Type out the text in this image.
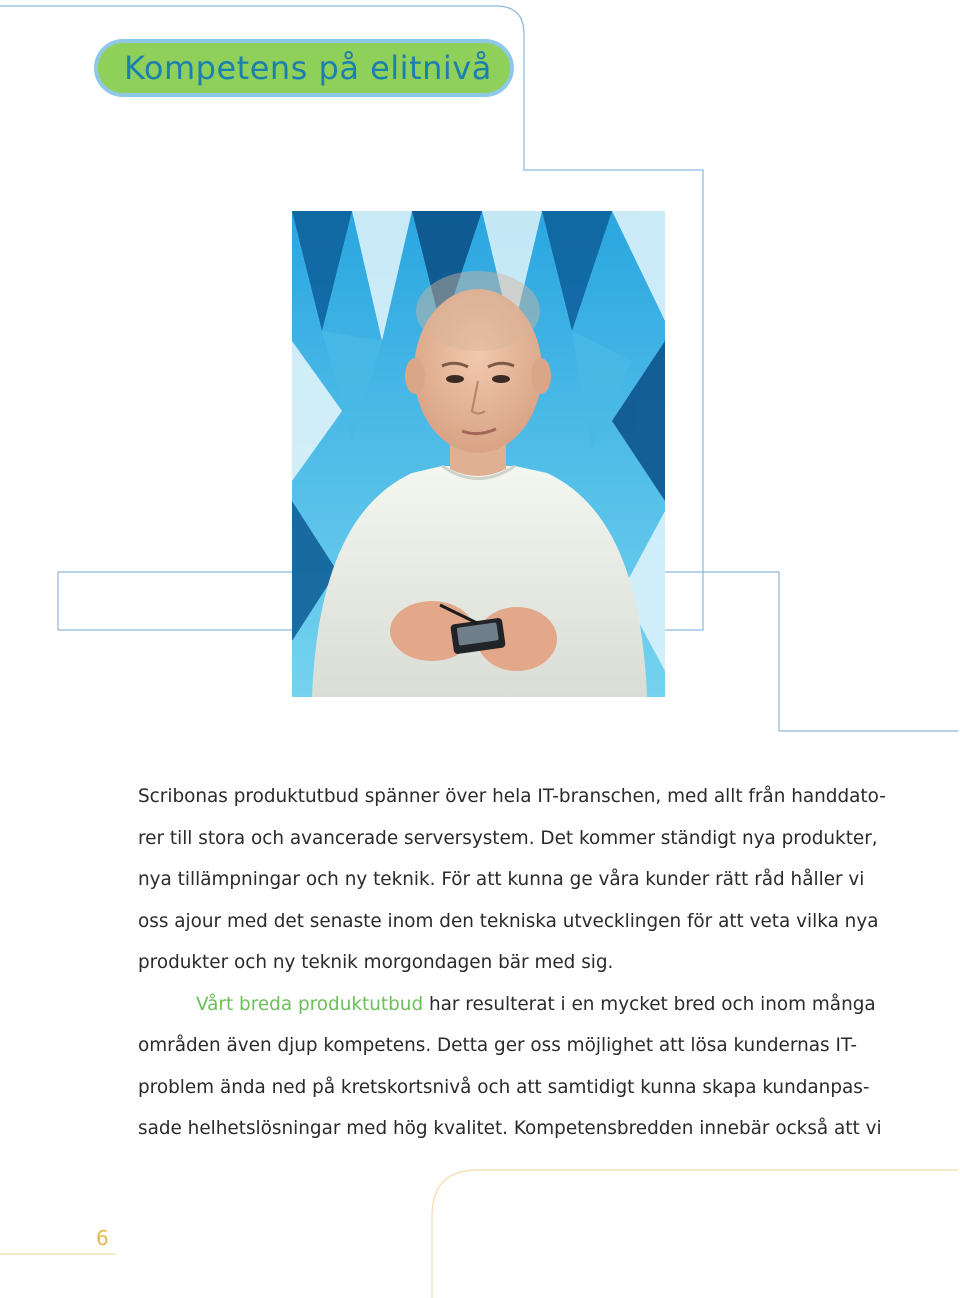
Kompetens på elitnivå
Scribonas produktutbud spänner över hela IT-branschen, med allt från handdato-
rer till stora och avancerade serversystem. Det kommer ständigt nya produkter,
nya tillämpningar och ny teknik. För att kunna ge våra kunder rätt råd håller vi
oss ajour med det senaste inom den tekniska utvecklingen för att veta vilka nya
produkter och ny teknik morgondagen bär med sig.
Vårt breda produktutbud har resulterat i en mycket bred och inom många
områden även djup kompetens. Detta ger oss möjlighet att lösa kundernas IT-
problem ända ned på kretskortsnivå och att samtidigt kunna skapa kundanpas-
sade helhetslösningar med hög kvalitet. Kompetensbredden innebär också att vi
6
